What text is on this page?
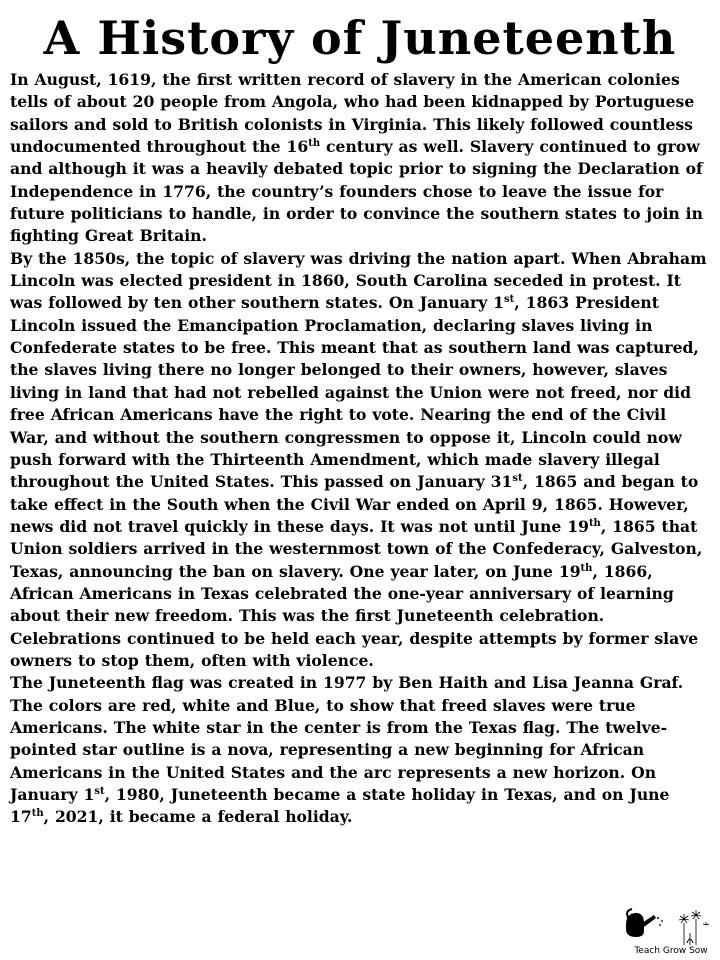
A History of Juneteenth

In August, 1619, the first written record of slavery in the American colonies tells of about 20 people from Angola, who had been kidnapped by Portuguese sailors and sold to British colonists in Virginia. This likely followed countless undocumented throughout the 16th century as well. Slavery continued to grow and although it was a heavily debated topic prior to signing the Declaration of Independence in 1776, the country’s founders chose to leave the issue for future politicians to handle, in order to convince the southern states to join in fighting Great Britain.

By the 1850s, the topic of slavery was driving the nation apart. When Abraham Lincoln was elected president in 1860, South Carolina seceded in protest. It was followed by ten other southern states. On January 1st, 1863 President Lincoln issued the Emancipation Proclamation, declaring slaves living in Confederate states to be free. This meant that as southern land was captured, the slaves living there no longer belonged to their owners, however, slaves living in land that had not rebelled against the Union were not freed, nor did free African Americans have the right to vote. Nearing the end of the Civil War, and without the southern congressmen to oppose it, Lincoln could now push forward with the Thirteenth Amendment, which made slavery illegal throughout the United States. This passed on January 31st, 1865 and began to take effect in the South when the Civil War ended on April 9, 1865. However, news did not travel quickly in these days. It was not until June 19th, 1865 that Union soldiers arrived in the westernmost town of the Confederacy, Galveston, Texas, announcing the ban on slavery. One year later, on June 19th, 1866, African Americans in Texas celebrated the one-year anniversary of learning about their new freedom. This was the first Juneteenth celebration. Celebrations continued to be held each year, despite attempts by former slave owners to stop them, often with violence.

The Juneteenth flag was created in 1977 by Ben Haith and Lisa Jeanna Graf. The colors are red, white and Blue, to show that freed slaves were true Americans. The white star in the center is from the Texas flag. The twelve-pointed star outline is a nova, representing a new beginning for African Americans in the United States and the arc represents a new horizon. On January 1st, 1980, Juneteenth became a state holiday in Texas, and on June 17th, 2021, it became a federal holiday.

Teach Grow Sow
